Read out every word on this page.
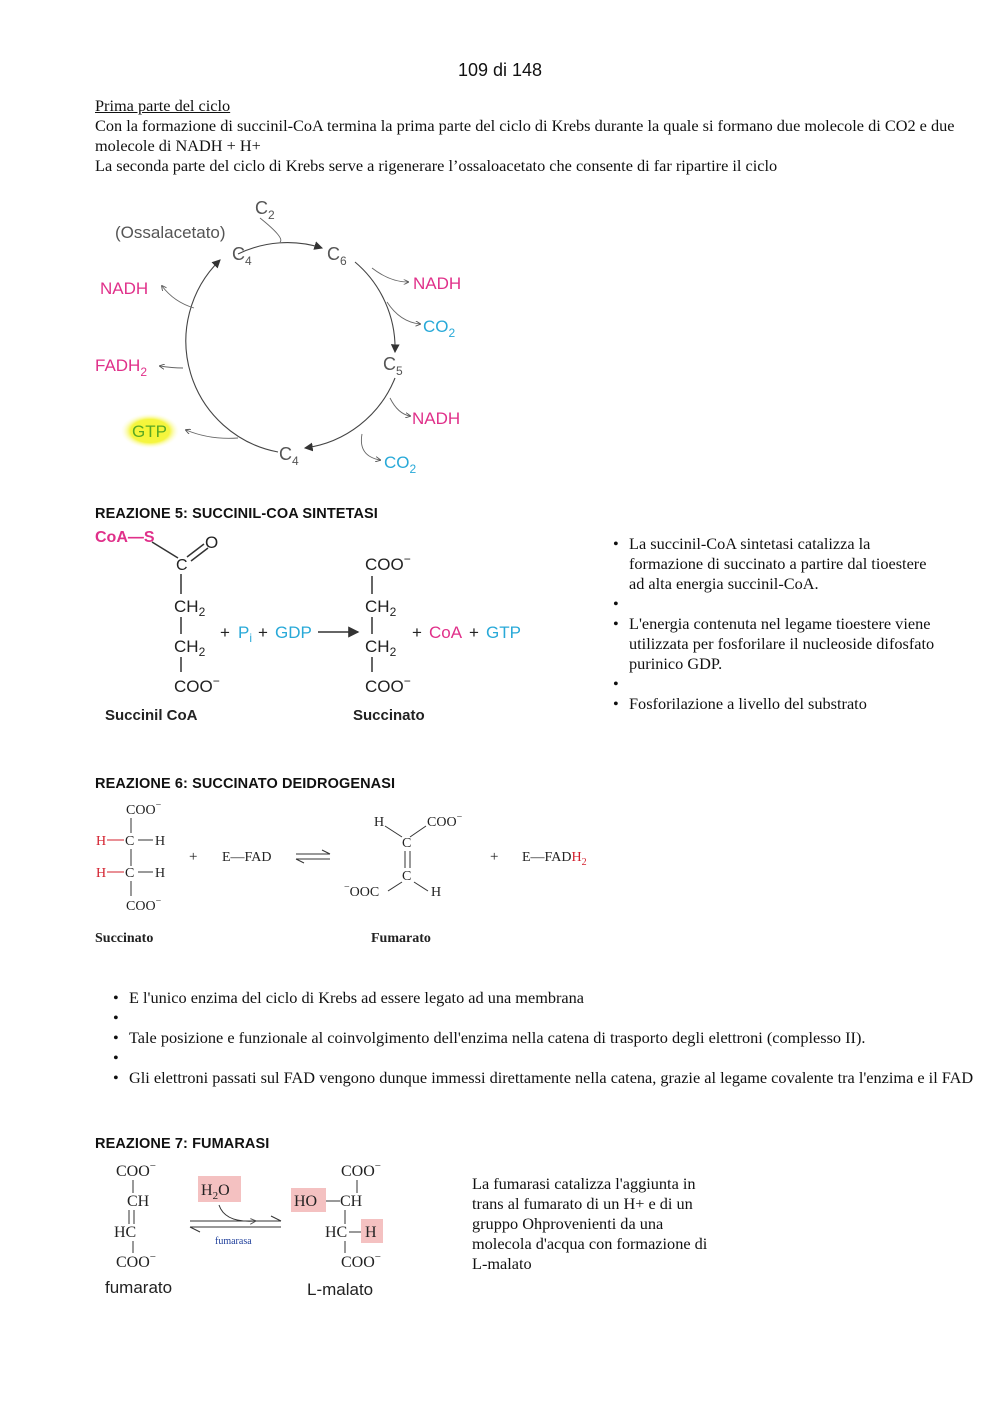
109 di 148
Prima parte del ciclo
Con la formazione di succinil-CoA termina la prima parte del ciclo di Krebs durante la quale si formano due molecole di CO2 e due molecole di NADH + H+
La seconda parte del ciclo di Krebs serve a rigenerare l’ossaloacetato che consente di far ripartire il ciclo
(Ossalacetato)
$C_2$
$C_4$	$C_6$
$C_5$
$C_4$
NADH
$CO_2$
NADH
$CO_2$
NADH
$FADH_2$
GTP
REAZIONE 5: SUCCINIL-COA SINTETASI
CoA—S
C
O
$CH_2$
$CH_2$
COO−
Succinil CoA
+ $P_i$ + GDP
COO−
$CH_2$
$CH_2$
COO−
Succinato
+ CoA + GTP
• La succinil-CoA sintetasi catalizza la formazione di succinato a partire dal tioestere ad alta energia succinil-CoA.
•
• L'energia contenuta nel legame tioestere viene utilizzata per fosforilare il nucleoside difosfato purinico GDP.
•
• Fosforilazione a livello del substrato
REAZIONE 6: SUCCINATO DEIDROGENASI
COO−
H C H
H C H
COO−
Succinato
+ E—FAD
H	COO−
C
C
−OOC	H
Fumarato
+ $E—FADH_2$
• E l'unico enzima del ciclo di Krebs ad essere legato ad una membrana
•
• Tale posizione e funzionale al coinvolgimento dell'enzima nella catena di trasporto degli elettroni (complesso II).
•
• Gli elettroni passati sul FAD vengono dunque immessi direttamente nella catena, grazie al legame covalente tra l'enzima e il FAD
REAZIONE 7: FUMARASI
COO−
CH
HC
COO−
fumarato
$H_2O$
fumarasa
COO−
HO CH
HC H
COO−
L-malato
La fumarasi catalizza l'aggiunta in trans al fumarato di un H+ e di un gruppo Ohprovenienti da una molecola d'acqua con formazione di L-malato
